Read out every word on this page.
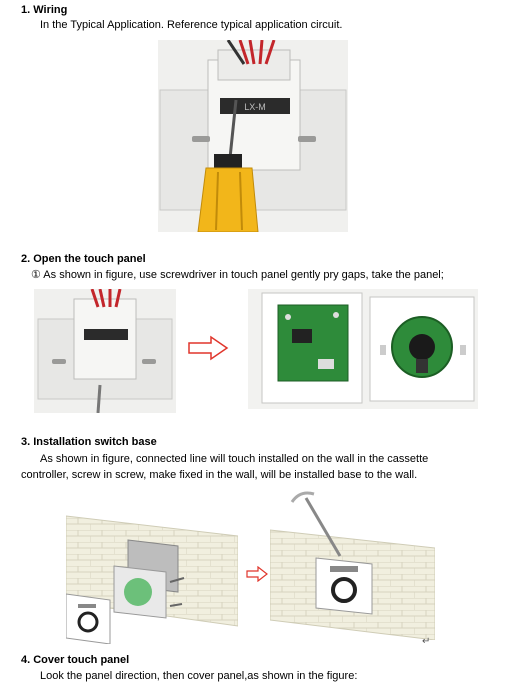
1. Wiring
In the Typical Application. Reference typical application circuit.
LX-M
2. Open the touch panel
① As shown in figure, use screwdriver in touch panel gently pry gaps, take the panel;
3. Installation switch base
As shown in figure, connected line will touch installed on the wall in the cassette
controller, screw in screw, make fixed in the wall, will be installed base to the wall.
↵
4. Cover touch panel
Look the panel direction, then cover panel,as shown in the figure:
